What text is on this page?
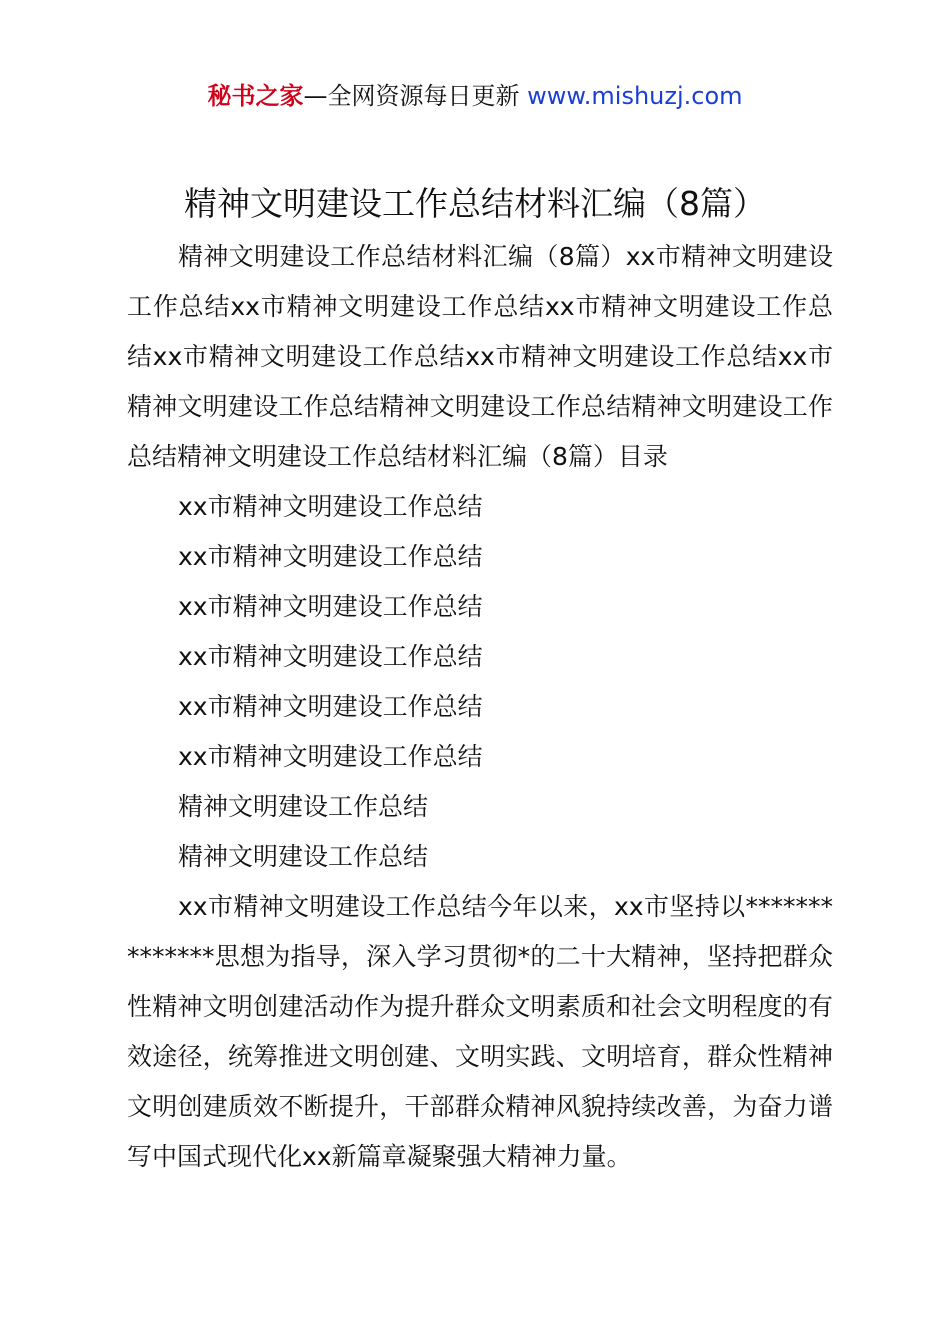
秘书之家—全网资源每日更新 www.mishuzj.com
精神文明建设工作总结材料汇编（8篇）

精神文明建设工作总结材料汇编（8篇）xx市精神文明建设工作总结xx市精神文明建设工作总结xx市精神文明建设工作总结xx市精神文明建设工作总结xx市精神文明建设工作总结xx市精神文明建设工作总结精神文明建设工作总结精神文明建设工作总结精神文明建设工作总结材料汇编（8篇）目录

xx市精神文明建设工作总结

xx市精神文明建设工作总结

xx市精神文明建设工作总结

xx市精神文明建设工作总结

xx市精神文明建设工作总结

xx市精神文明建设工作总结

精神文明建设工作总结

精神文明建设工作总结

xx市精神文明建设工作总结今年以来，xx市坚持以**************思想为指导，深入学习贯彻*的二十大精神，坚持把群众性精神文明创建活动作为提升群众文明素质和社会文明程度的有效途径，统筹推进文明创建、文明实践、文明培育，群众性精神文明创建质效不断提升，干部群众精神风貌持续改善，为奋力谱写中国式现代化xx新篇章凝聚强大精神力量。
